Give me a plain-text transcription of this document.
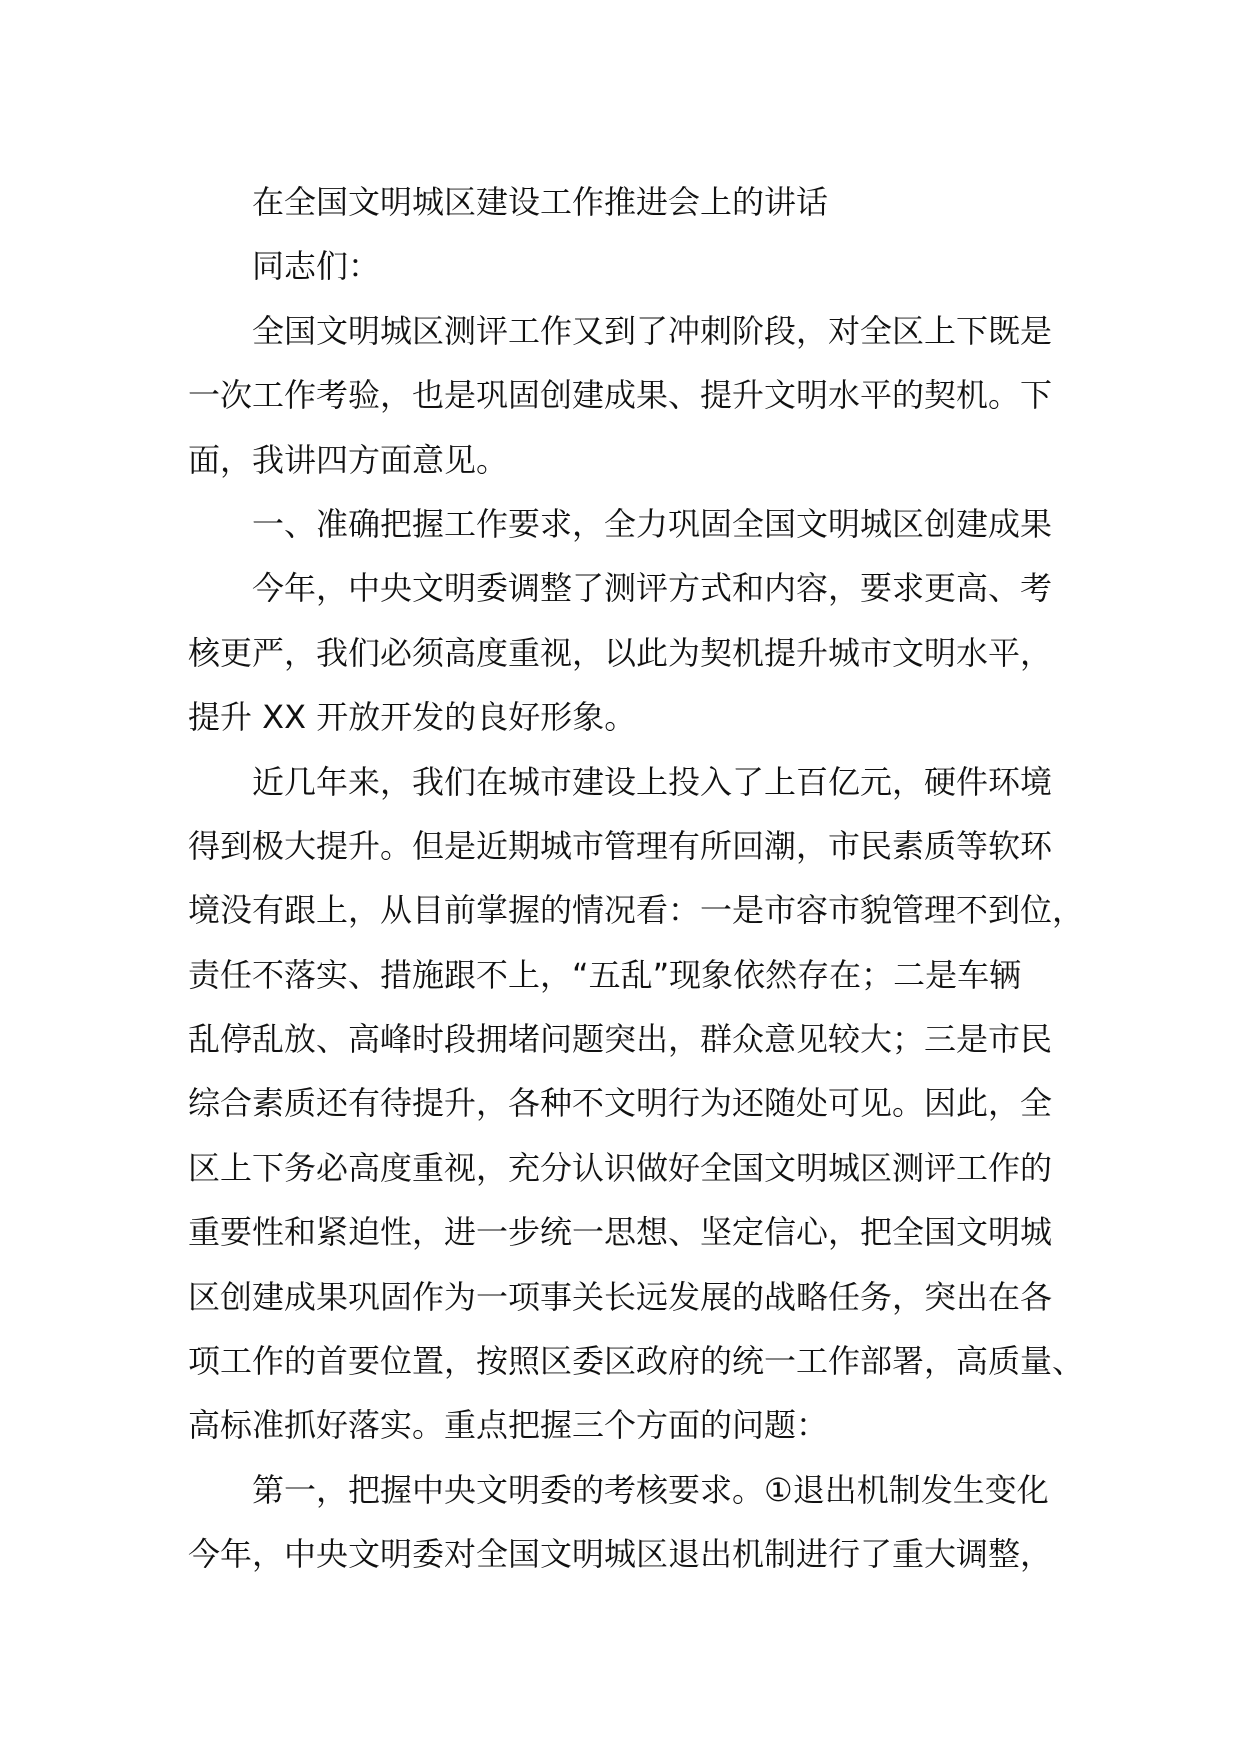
在全国文明城区建设工作推进会上的讲话
同志们：
全国文明城区测评工作又到了冲刺阶段，对全区上下既是
一次工作考验，也是巩固创建成果、提升文明水平的契机。下
面，我讲四方面意见。
一、准确把握工作要求，全力巩固全国文明城区创建成果
今年，中央文明委调整了测评方式和内容，要求更高、考
核更严，我们必须高度重视，以此为契机提升城市文明水平，
提升 XX 开放开发的良好形象。
近几年来，我们在城市建设上投入了上百亿元，硬件环境
得到极大提升。但是近期城市管理有所回潮，市民素质等软环
境没有跟上，从目前掌握的情况看：一是市容市貌管理不到位，
责任不落实、措施跟不上，“五乱”现象依然存在；二是车辆
乱停乱放、高峰时段拥堵问题突出，群众意见较大；三是市民
综合素质还有待提升，各种不文明行为还随处可见。因此，全
区上下务必高度重视，充分认识做好全国文明城区测评工作的
重要性和紧迫性，进一步统一思想、坚定信心，把全国文明城
区创建成果巩固作为一项事关长远发展的战略任务，突出在各
项工作的首要位置，按照区委区政府的统一工作部署，高质量、
高标准抓好落实。重点把握三个方面的问题：
第一，把握中央文明委的考核要求。①退出机制发生变化
今年，中央文明委对全国文明城区退出机制进行了重大调整，
